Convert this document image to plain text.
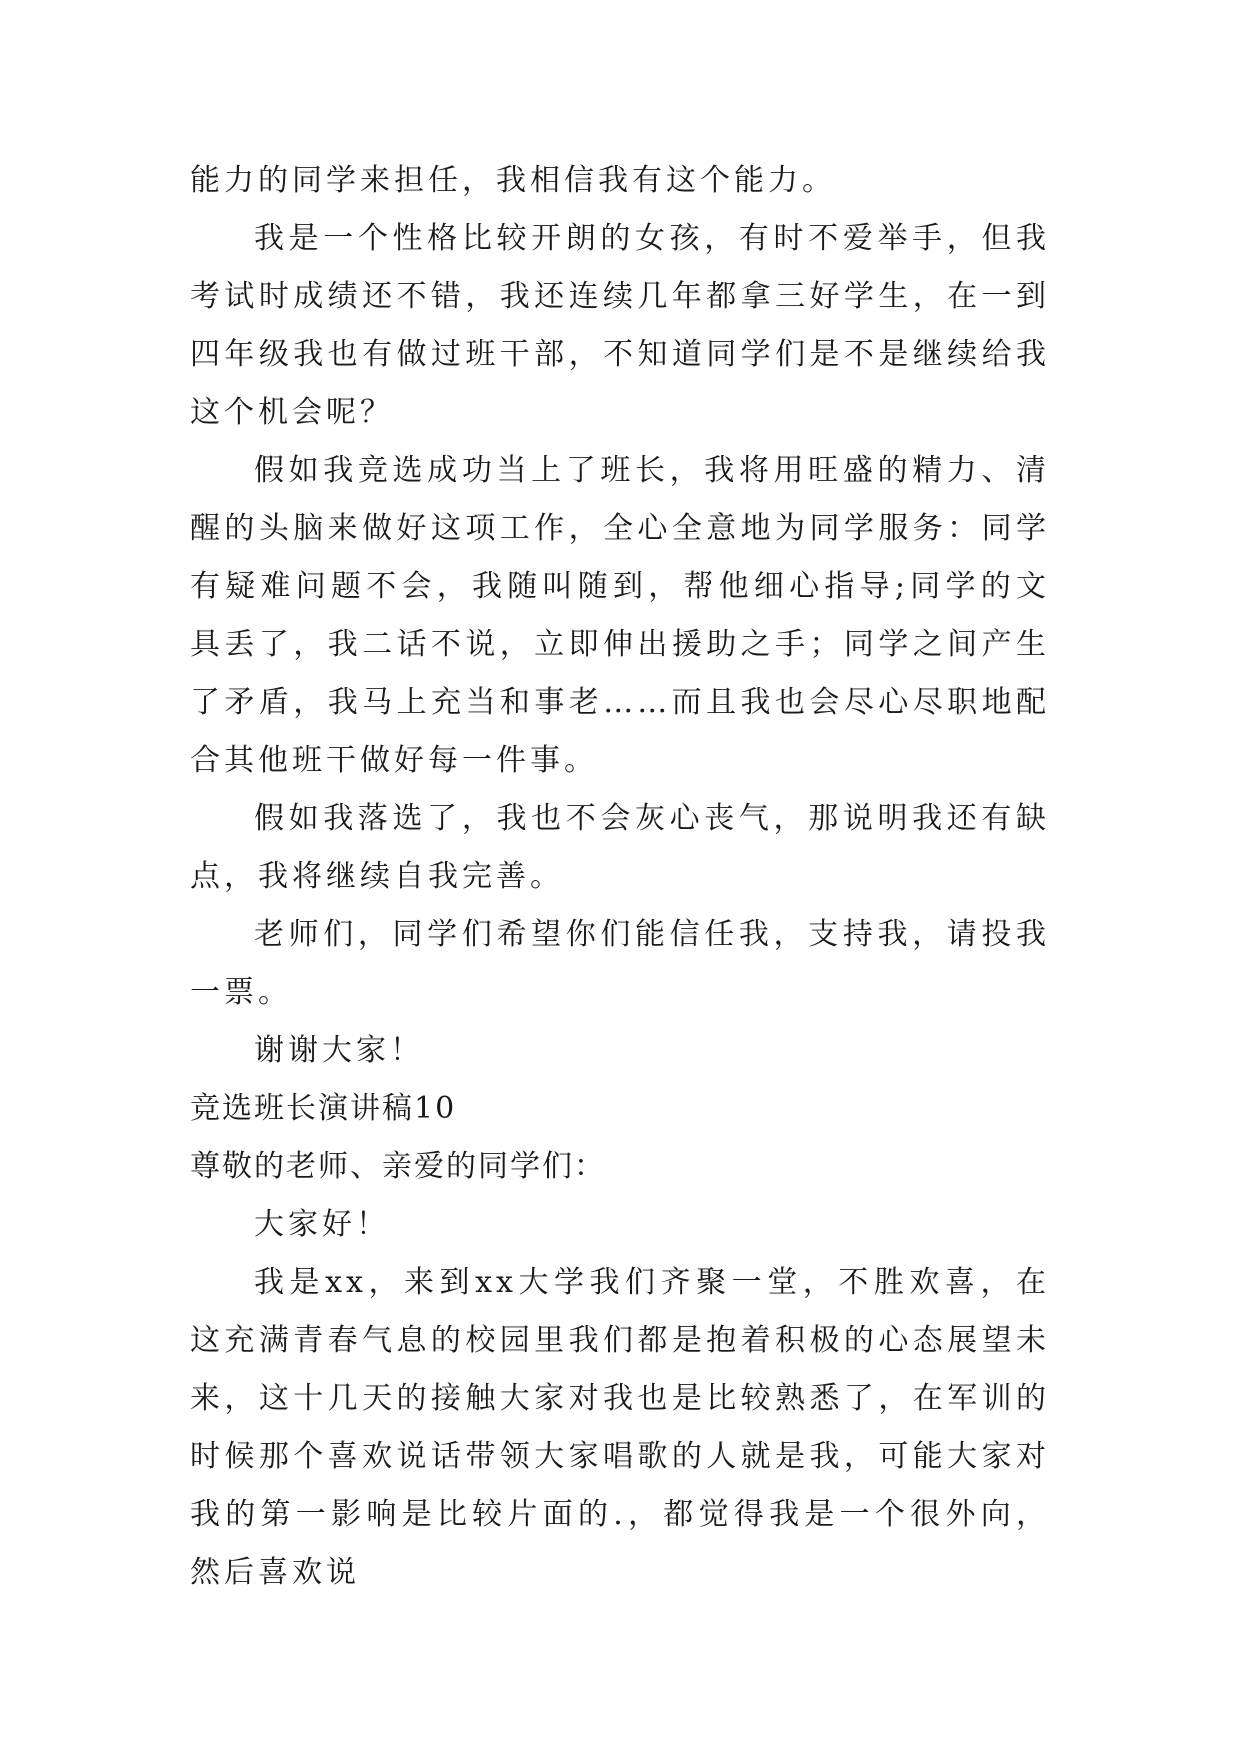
能力的同学来担任，我相信我有这个能力。

我是一个性格比较开朗的女孩，有时不爱举手，但我考试时成绩还不错，我还连续几年都拿三好学生，在一到四年级我也有做过班干部，不知道同学们是不是继续给我这个机会呢？

假如我竞选成功当上了班长，我将用旺盛的精力、清醒的头脑来做好这项工作，全心全意地为同学服务：同学有疑难问题不会，我随叫随到，帮他细心指导;同学的文具丢了，我二话不说，立即伸出援助之手；同学之间产生了矛盾，我马上充当和事老……而且我也会尽心尽职地配合其他班干做好每一件事。

假如我落选了，我也不会灰心丧气，那说明我还有缺点，我将继续自我完善。

老师们，同学们希望你们能信任我，支持我，请投我一票。

谢谢大家！

竞选班长演讲稿10

尊敬的老师、亲爱的同学们：

大家好！

我是xx，来到xx大学我们齐聚一堂，不胜欢喜，在这充满青春气息的校园里我们都是抱着积极的心态展望未来，这十几天的接触大家对我也是比较熟悉了，在军训的时候那个喜欢说话带领大家唱歌的人就是我，可能大家对我的第一影响是比较片面的.，都觉得我是一个很外向，然后喜欢说
